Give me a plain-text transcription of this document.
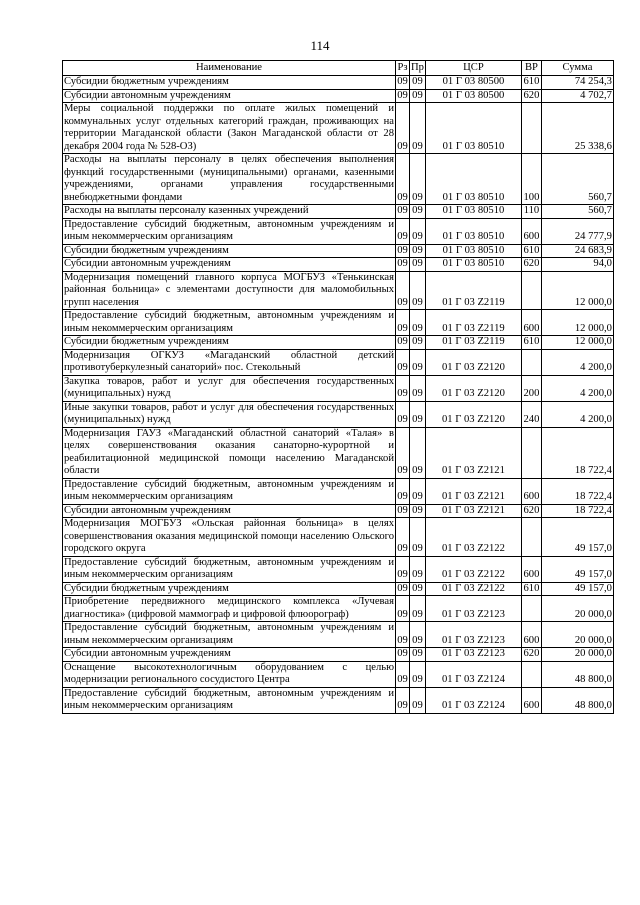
114
Наименование	Рз	Пр	ЦСР	ВР	Сумма
Субсидии бюджетным учреждениям	09	09	01 Г 03 80500	610	74 254,3
Субсидии автономным учреждениям	09	09	01 Г 03 80500	620	4 702,7
Меры социальной поддержки по оплате жилых помещений и коммунальных услуг отдельных категорий граждан, проживающих на территории Магаданской области (Закон Магаданской области от 28 декабря 2004 года № 528-ОЗ)	09	09	01 Г 03 80510		25 338,6
Расходы на выплаты персоналу в целях обеспечения выполнения функций государственными (муниципальными) органами, казенными учреждениями, органами управления государственными внебюджетными фондами	09	09	01 Г 03 80510	100	560,7
Расходы на выплаты персоналу казенных учреждений	09	09	01 Г 03 80510	110	560,7
Предоставление субсидий бюджетным, автономным учреждениям и иным некоммерческим организациям	09	09	01 Г 03 80510	600	24 777,9
Субсидии бюджетным учреждениям	09	09	01 Г 03 80510	610	24 683,9
Субсидии автономным учреждениям	09	09	01 Г 03 80510	620	94,0
Модернизация помещений главного корпуса МОГБУЗ «Тенькинская районная больница» с элементами доступности для маломобильных групп населения	09	09	01 Г 03 Z2119		12 000,0
Предоставление субсидий бюджетным, автономным учреждениям и иным некоммерческим организациям	09	09	01 Г 03 Z2119	600	12 000,0
Субсидии бюджетным учреждениям	09	09	01 Г 03 Z2119	610	12 000,0
Модернизация ОГКУЗ «Магаданский областной детский противотуберкулезный санаторий» пос. Стекольный	09	09	01 Г 03 Z2120		4 200,0
Закупка товаров, работ и услуг для обеспечения государственных (муниципальных) нужд	09	09	01 Г 03 Z2120	200	4 200,0
Иные закупки товаров, работ и услуг для обеспечения государственных (муниципальных) нужд	09	09	01 Г 03 Z2120	240	4 200,0
Модернизация ГАУЗ «Магаданский областной санаторий «Талая» в целях совершенствования оказания санаторно-курортной и реабилитационной медицинской помощи населению Магаданской области	09	09	01 Г 03 Z2121		18 722,4
Предоставление субсидий бюджетным, автономным учреждениям и иным некоммерческим организациям	09	09	01 Г 03 Z2121	600	18 722,4
Субсидии автономным учреждениям	09	09	01 Г 03 Z2121	620	18 722,4
Модернизация МОГБУЗ «Ольская районная больница» в целях совершенствования оказания медицинской помощи населению Ольского городского округа	09	09	01 Г 03 Z2122		49 157,0
Предоставление субсидий бюджетным, автономным учреждениям и иным некоммерческим организациям	09	09	01 Г 03 Z2122	600	49 157,0
Субсидии бюджетным учреждениям	09	09	01 Г 03 Z2122	610	49 157,0
Приобретение передвижного медицинского комплекса «Лучевая диагностика» (цифровой маммограф и цифровой флюорограф)	09	09	01 Г 03 Z2123		20 000,0
Предоставление субсидий бюджетным, автономным учреждениям и иным некоммерческим организациям	09	09	01 Г 03 Z2123	600	20 000,0
Субсидии автономным учреждениям	09	09	01 Г 03 Z2123	620	20 000,0
Оснащение высокотехнологичным оборудованием с целью модернизации регионального сосудистого Центра	09	09	01 Г 03 Z2124		48 800,0
Предоставление субсидий бюджетным, автономным учреждениям и иным некоммерческим организациям	09	09	01 Г 03 Z2124	600	48 800,0
